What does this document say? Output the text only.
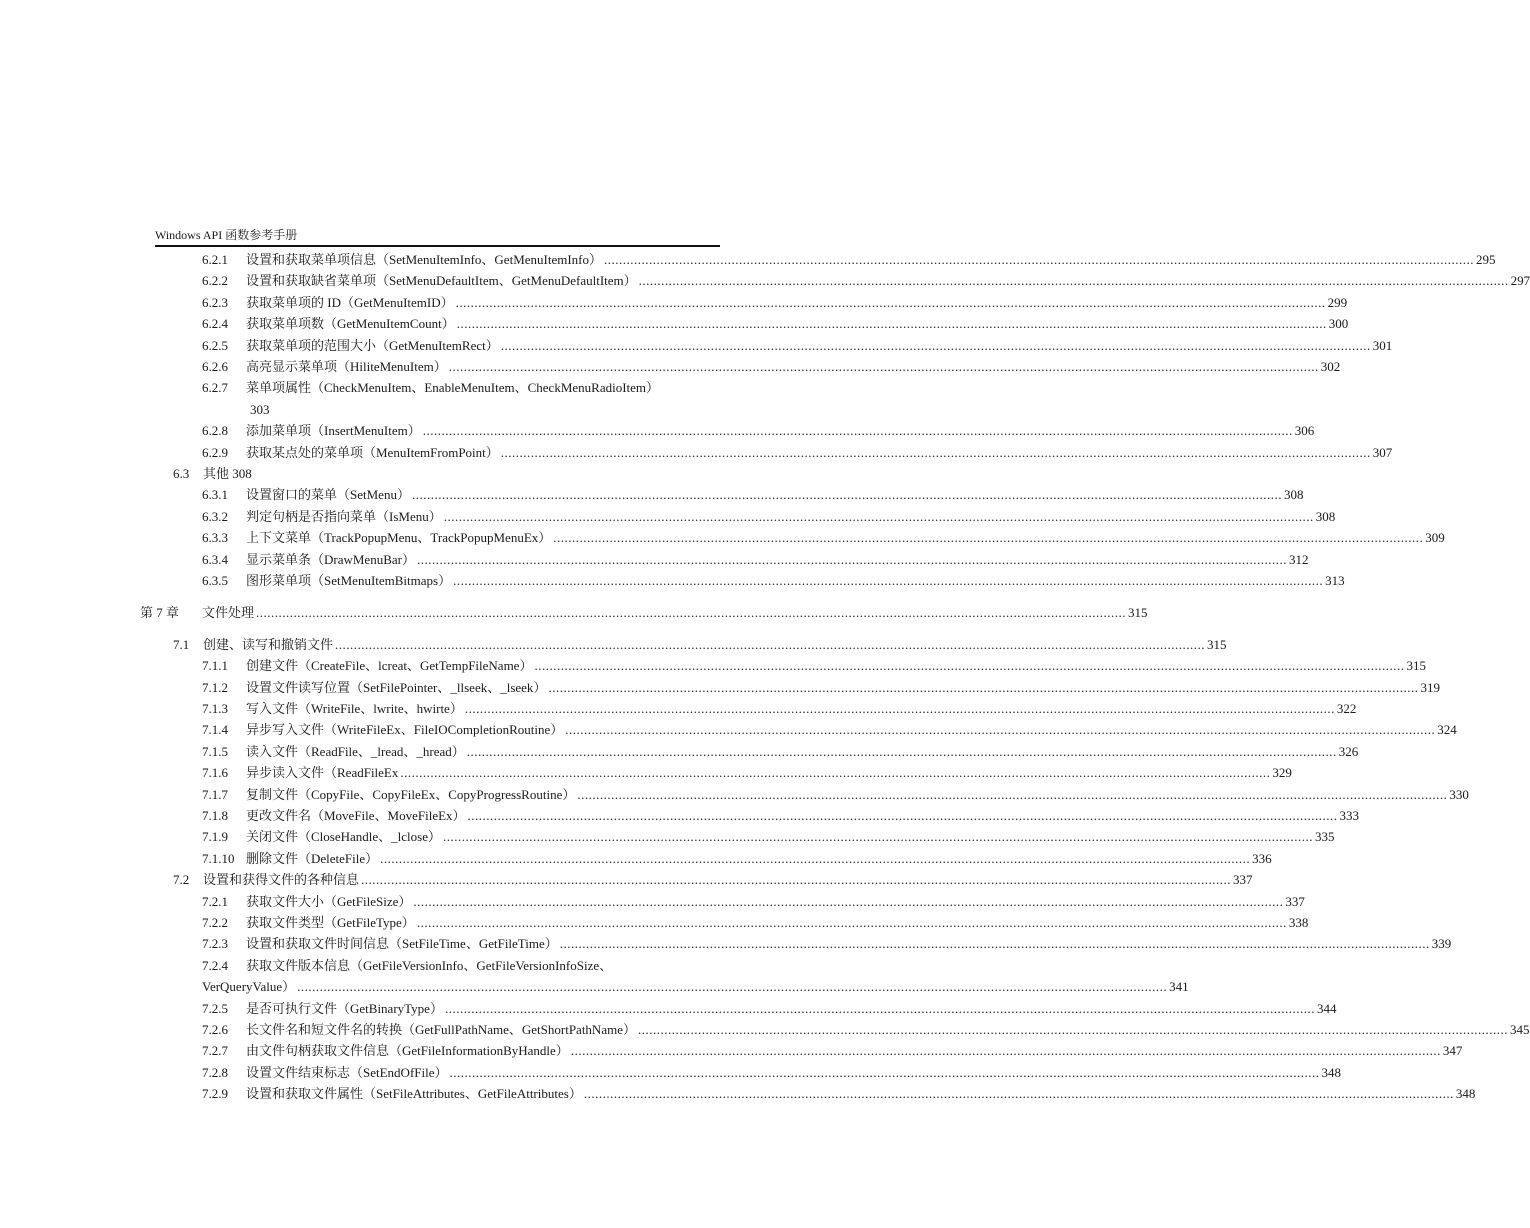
Windows API 函数参考手册
6.2.1	设置和获取菜单项信息（SetMenuItemInfo、GetMenuItemInfo） .....	295
6.2.2	设置和获取缺省菜单项（SetMenuDefaultItem、GetMenuDefaultItem） .....	297
6.2.3	获取菜单项的 ID（GetMenuItemID） .....	299
6.2.4	获取菜单项数（GetMenuItemCount） .....	300
6.2.5	获取菜单项的范围大小（GetMenuItemRect） .....	301
6.2.6	高亮显示菜单项（HiliteMenuItem） .....	302
6.2.7	菜单项属性（CheckMenuItem、EnableMenuItem、CheckMenuRadioItem）
303
6.2.8	添加菜单项（InsertMenuItem） .....	306
6.2.9	获取某点处的菜单项（MenuItemFromPoint） .....	307
6.3	其他 308
6.3.1	设置窗口的菜单（SetMenu） .....	308
6.3.2	判定句柄是否指向菜单（IsMenu） .....	308
6.3.3	上下文菜单（TrackPopupMenu、TrackPopupMenuEx） .....	309
6.3.4	显示菜单条（DrawMenuBar） .....	312
6.3.5	图形菜单项（SetMenuItemBitmaps） .....	313
第 7 章	文件处理 .....	315
7.1	创建、读写和撤销文件 .....	315
7.1.1	创建文件（CreateFile、lcreat、GetTempFileName） .....	315
7.1.2	设置文件读写位置（SetFilePointer、_llseek、_lseek） .....	319
7.1.3	写入文件（WriteFile、lwrite、hwirte） .....	322
7.1.4	异步写入文件（WriteFileEx、FileIOCompletionRoutine） .....	324
7.1.5	读入文件（ReadFile、_lread、_hread） .....	326
7.1.6	异步读入文件（ReadFileEx .....	329
7.1.7	复制文件（CopyFile、CopyFileEx、CopyProgressRoutine） .....	330
7.1.8	更改文件名（MoveFile、MoveFileEx） .....	333
7.1.9	关闭文件（CloseHandle、_lclose） .....	335
7.1.10 删除文件（DeleteFile） .....	336
7.2	设置和获得文件的各种信息 .....	337
7.2.1	获取文件大小（GetFileSize） .....	337
7.2.2	获取文件类型（GetFileType） .....	338
7.2.3	设置和获取文件时间信息（SetFileTime、GetFileTime） .....	339
7.2.4	获取文件版本信息（GetFileVersionInfo、GetFileVersionInfoSize、
VerQueryValue） .....	341
7.2.5	是否可执行文件（GetBinaryType） .....	344
7.2.6	长文件名和短文件名的转换（GetFullPathName、GetShortPathName） .....	345
7.2.7	由文件句柄获取文件信息（GetFileInformationByHandle） .....	347
7.2.8	设置文件结束标志（SetEndOfFile） .....	348
7.2.9	设置和获取文件属性（SetFileAttributes、GetFileAttributes） .....	348
